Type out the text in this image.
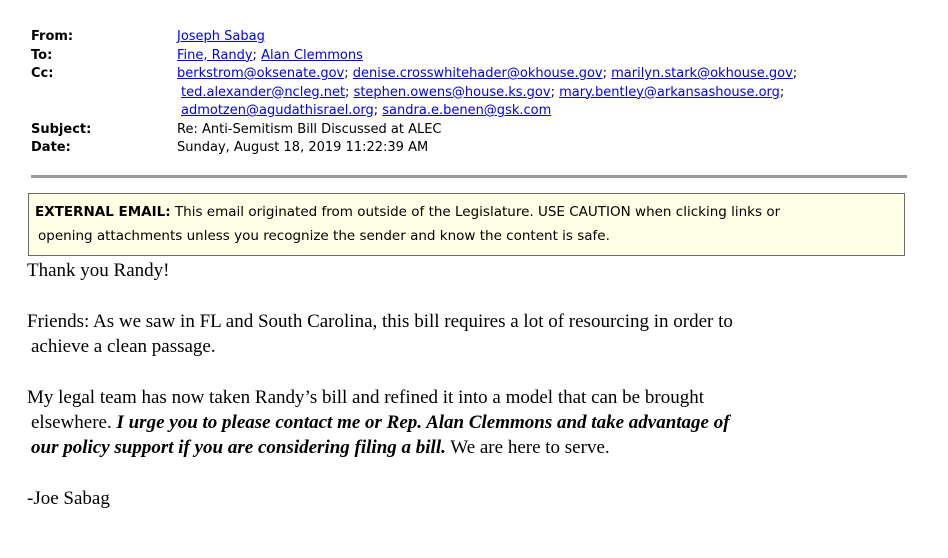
From:	Joseph Sabag
To:	Fine, Randy; Alan Clemmons
Cc:	berkstrom@oksenate.gov; denise.crosswhitehader@okhouse.gov; marilyn.stark@okhouse.gov;
ted.alexander@ncleg.net; stephen.owens@house.ks.gov; mary.bentley@arkansashouse.org;
admotzen@agudathisrael.org; sandra.e.benen@gsk.com
Subject:	Re: Anti-Semitism Bill Discussed at ALEC
Date:	Sunday, August 18, 2019 11:22:39 AM
EXTERNAL EMAIL: This email originated from outside of the Legislature. USE CAUTION when clicking links or
opening attachments unless you recognize the sender and know the content is safe.

Thank you Randy!

Friends: As we saw in FL and South Carolina, this bill requires a lot of resourcing in order to
achieve a clean passage.

My legal team has now taken Randy’s bill and refined it into a model that can be brought
elsewhere. I urge you to please contact me or Rep. Alan Clemmons and take advantage of
our policy support if you are considering filing a bill. We are here to serve.

-Joe Sabag
